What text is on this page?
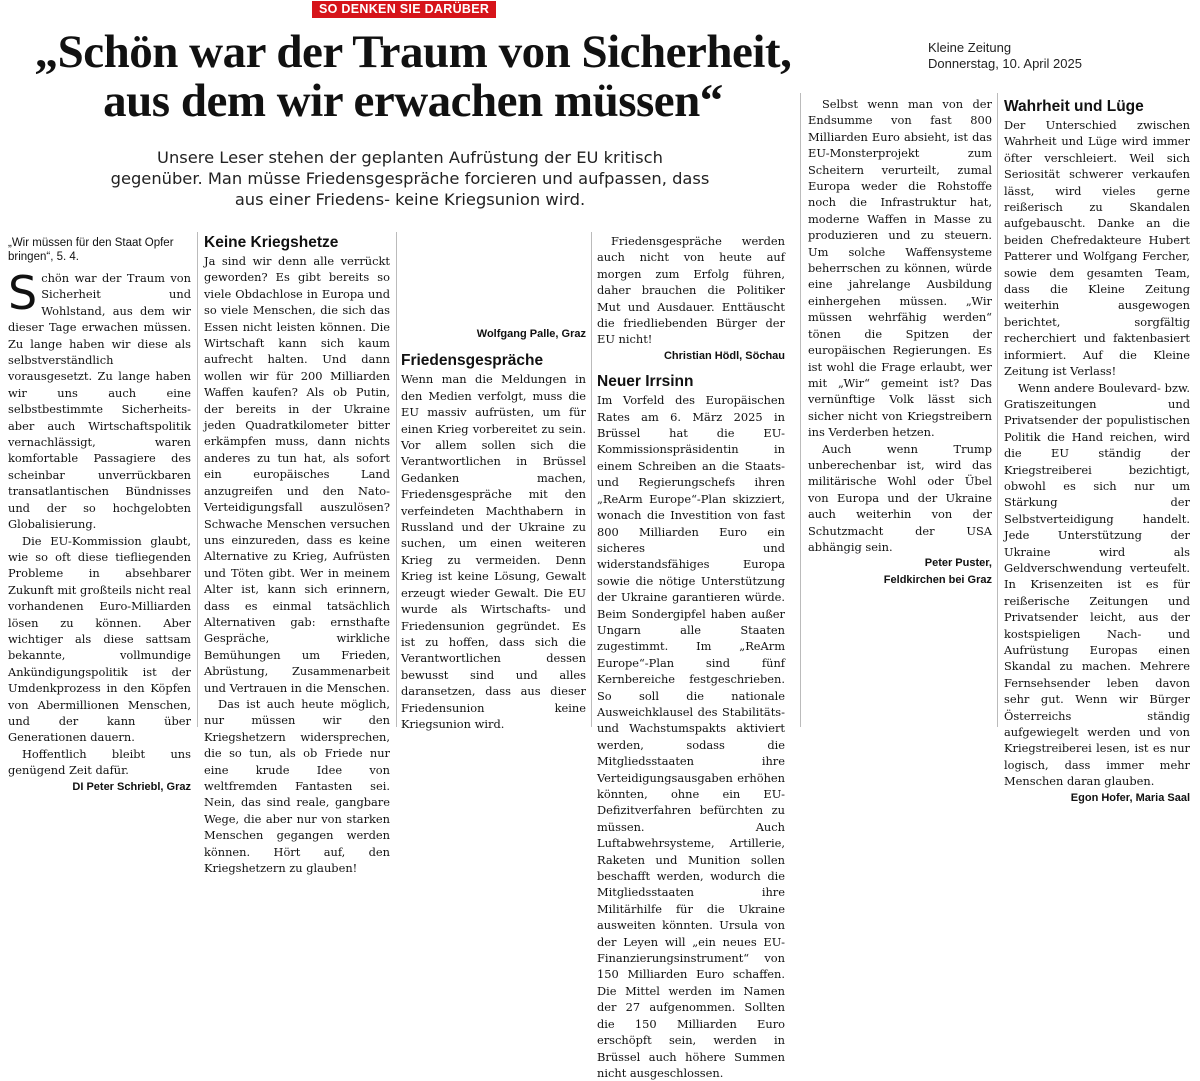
SO DENKEN SIE DARÜBER
„Schön war der Traum von Sicherheit, aus dem wir erwachen müssen“
Kleine Zeitung
Donnerstag, 10. April 2025

Unsere Leser stehen der geplanten Aufrüstung der EU kritisch gegenüber. Man müsse Friedensgespräche forcieren und aufpassen, dass aus einer Friedens- keine Kriegsunion wird.

„Wir müssen für den Staat Opfer bringen“, 5. 4.

Schön war der Traum von Sicherheit und Wohlstand, aus dem wir dieser Tage erwachen müssen. Zu lange haben wir diese als selbstverständlich vorausgesetzt. Zu lange haben wir uns auch eine selbstbestimmte Sicherheits- aber auch Wirtschaftspolitik vernachlässigt, waren komfortable Passagiere des scheinbar unverrückbaren transatlantischen Bündnisses und der so hochgelobten Globalisierung.

Die EU-Kommission glaubt, wie so oft diese tiefliegenden Probleme in absehbarer Zukunft mit großteils nicht real vorhandenen Euro-Milliarden lösen zu können. Aber wichtiger als diese sattsam bekannte, vollmundige Ankündigungspolitik ist der Umdenkprozess in den Köpfen von Abermillionen Menschen, und der kann über Generationen dauern.

Hoffentlich bleibt uns genügend Zeit dafür.

DI Peter Schriebl, Graz
Keine Kriegshetze

Ja sind wir denn alle verrückt geworden? Es gibt bereits so viele Obdachlose in Europa und so viele Menschen, die sich das Essen nicht leisten können. Die Wirtschaft kann sich kaum aufrecht halten. Und dann wollen wir für 200 Milliarden Waffen kaufen? Als ob Putin, der bereits in der Ukraine jeden Quadratkilometer bitter erkämpfen muss, dann nichts anderes zu tun hat, als sofort ein europäisches Land anzugreifen und den Nato-Verteidigungsfall auszulösen? Schwache Menschen versuchen uns einzureden, dass es keine Alternative zu Krieg, Aufrüsten und Töten gibt. Wer in meinem Alter ist, kann sich erinnern, dass es einmal tatsächlich Alternativen gab: ernsthafte Gespräche, wirkliche Bemühungen um Frieden, Abrüstung, Zusammenarbeit und Vertrauen in die Menschen.

Das ist auch heute möglich, nur müssen wir den Kriegshetzern widersprechen, die so tun, als ob Friede nur eine krude Idee von weltfremden Fantasten sei. Nein, das sind reale, gangbare Wege, die aber nur von starken Menschen gegangen werden können. Hört auf, den Kriegshetzern zu glauben!

Wolfgang Palle, Graz
Friedensgespräche

Wenn man die Meldungen in den Medien verfolgt, muss die EU massiv aufrüsten, um für einen Krieg vorbereitet zu sein. Vor allem sollen sich die Verantwortlichen in Brüssel Gedanken machen, Friedensgespräche mit den verfeindeten Machthabern in Russland und der Ukraine zu suchen, um einen weiteren Krieg zu vermeiden. Denn Krieg ist keine Lösung, Gewalt erzeugt wieder Gewalt. Die EU wurde als Wirtschafts- und Friedensunion gegründet. Es ist zu hoffen, dass sich die Verantwortlichen dessen bewusst sind und alles daransetzen, dass aus dieser Friedensunion keine Kriegsunion wird.

Friedensgespräche werden auch nicht von heute auf morgen zum Erfolg führen, daher brauchen die Politiker Mut und Ausdauer. Enttäuscht die friedliebenden Bürger der EU nicht!

Christian Hödl, Söchau
Neuer Irrsinn

Im Vorfeld des Europäischen Rates am 6. März 2025 in Brüssel hat die EU-Kommissionspräsidentin in einem Schreiben an die Staats- und Regierungschefs ihren „ReArm Europe“-Plan skizziert, wonach die Investition von fast 800 Milliarden Euro ein sicheres und widerstandsfähiges Europa sowie die nötige Unterstützung der Ukraine garantieren würde. Beim Sondergipfel haben außer Ungarn alle Staaten zugestimmt. Im „ReArm Europe“-Plan sind fünf Kernbereiche festgeschrieben. So soll die nationale Ausweichklausel des Stabilitäts- und Wachstumspakts aktiviert werden, sodass die Mitgliedsstaaten ihre Verteidigungsausgaben erhöhen könnten, ohne ein EU-Defizitverfahren befürchten zu müssen. Auch Luftabwehrsysteme, Artillerie, Raketen und Munition sollen beschafft werden, wodurch die Mitgliedsstaaten ihre Militärhilfe für die Ukraine ausweiten könnten. Ursula von der Leyen will „ein neues EU-Finanzierungsinstrument“ von 150 Milliarden Euro schaffen. Die Mittel werden im Namen der 27 aufgenommen. Sollten die 150 Milliarden Euro erschöpft sein, werden in Brüssel auch höhere Summen nicht ausgeschlossen.

Selbst wenn man von der Endsumme von fast 800 Milliarden Euro absieht, ist das EU-Monsterprojekt zum Scheitern verurteilt, zumal Europa weder die Rohstoffe noch die Infrastruktur hat, moderne Waffen in Masse zu produzieren und zu steuern. Um solche Waffensysteme beherrschen zu können, würde eine jahrelange Ausbildung einhergehen müssen. „Wir müssen wehrfähig werden“ tönen die Spitzen der europäischen Regierungen. Es ist wohl die Frage erlaubt, wer mit „Wir“ gemeint ist? Das vernünftige Volk lässt sich sicher nicht von Kriegstreibern ins Verderben hetzen.

Auch wenn Trump unberechenbar ist, wird das militärische Wohl oder Übel von Europa und der Ukraine auch weiterhin von der Schutzmacht der USA abhängig sein.

Peter Puster,
Feldkirchen bei Graz
Wahrheit und Lüge

Der Unterschied zwischen Wahrheit und Lüge wird immer öfter verschleiert. Weil sich Seriosität schwerer verkaufen lässt, wird vieles gerne reißerisch zu Skandalen aufgebauscht. Danke an die beiden Chefredakteure Hubert Patterer und Wolfgang Fercher, sowie dem gesamten Team, dass die Kleine Zeitung weiterhin ausgewogen berichtet, sorgfältig recherchiert und faktenbasiert informiert. Auf die Kleine Zeitung ist Verlass!

Wenn andere Boulevard- bzw. Gratiszeitungen und Privatsender der populistischen Politik die Hand reichen, wird die EU ständig der Kriegstreiberei bezichtigt, obwohl es sich nur um Stärkung der Selbstverteidigung handelt. Jede Unterstützung der Ukraine wird als Geldverschwendung verteufelt. In Krisenzeiten ist es für reißerische Zeitungen und Privatsender leicht, aus der kostspieligen Nach- und Aufrüstung Europas einen Skandal zu machen. Mehrere Fernsehsender leben davon sehr gut. Wenn wir Bürger Österreichs ständig aufgewiegelt werden und von Kriegstreiberei lesen, ist es nur logisch, dass immer mehr Menschen daran glauben.

Egon Hofer, Maria Saal
